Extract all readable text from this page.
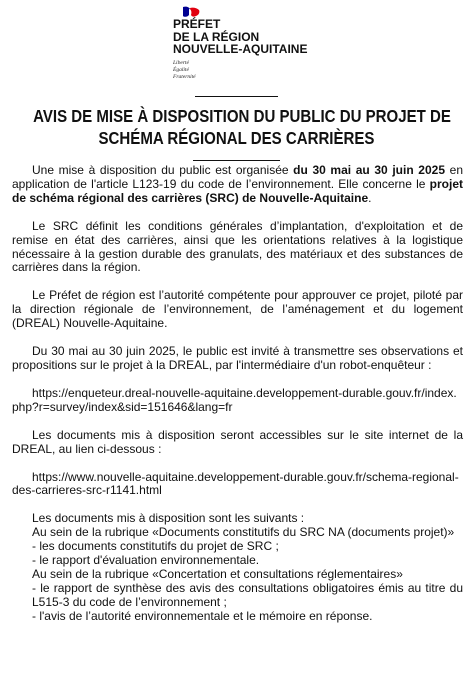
PRÉFET
DE LA RÉGION
NOUVELLE-AQUITAINE
Liberté
Égalité
Fraternité
AVIS DE MISE À DISPOSITION DU PUBLIC DU PROJET DE
SCHÉMA RÉGIONAL DES CARRIÈRES

Une mise à disposition du public est organisée du 30 mai au 30 juin 2025 en application de l'article L123-19 du code de l’environnement. Elle concerne le projet de schéma régional des carrières (SRC) de Nouvelle-Aquitaine.

Le SRC définit les conditions générales d’implantation, d'exploitation et de remise en état des carrières, ainsi que les orientations relatives à la logistique nécessaire à la gestion durable des granulats, des matériaux et des substances de carrières dans la région.

Le Préfet de région est l’autorité compétente pour approuver ce projet, piloté par la direction régionale de l’environnement, de l’aménagement et du logement (DREAL) Nouvelle-Aquitaine.

Du 30 mai au 30 juin 2025, le public est invité à transmettre ses observations et propositions sur le projet à la DREAL, par l'intermédiaire d'un robot-enquêteur :

https://enqueteur.dreal-nouvelle-aquitaine.developpement-durable.gouv.fr/index.php?r=survey/index&sid=151646&lang=fr

Les documents mis à disposition seront accessibles sur le site internet de la DREAL, au lien ci-dessous :

https://www.nouvelle-aquitaine.developpement-durable.gouv.fr/schema-regional-des-carrieres-src-r1141.html

Les documents mis à disposition sont les suivants :
Au sein de la rubrique «Documents constitutifs du SRC NA (documents projet)»
- les documents constitutifs du projet de SRC ;
- le rapport d'évaluation environnementale.
Au sein de la rubrique «Concertation et consultations réglementaires»
- le rapport de synthèse des avis des consultations obligatoires émis au titre du L515-3 du code de l’environnement ;
- l'avis de l’autorité environnementale et le mémoire en réponse.
